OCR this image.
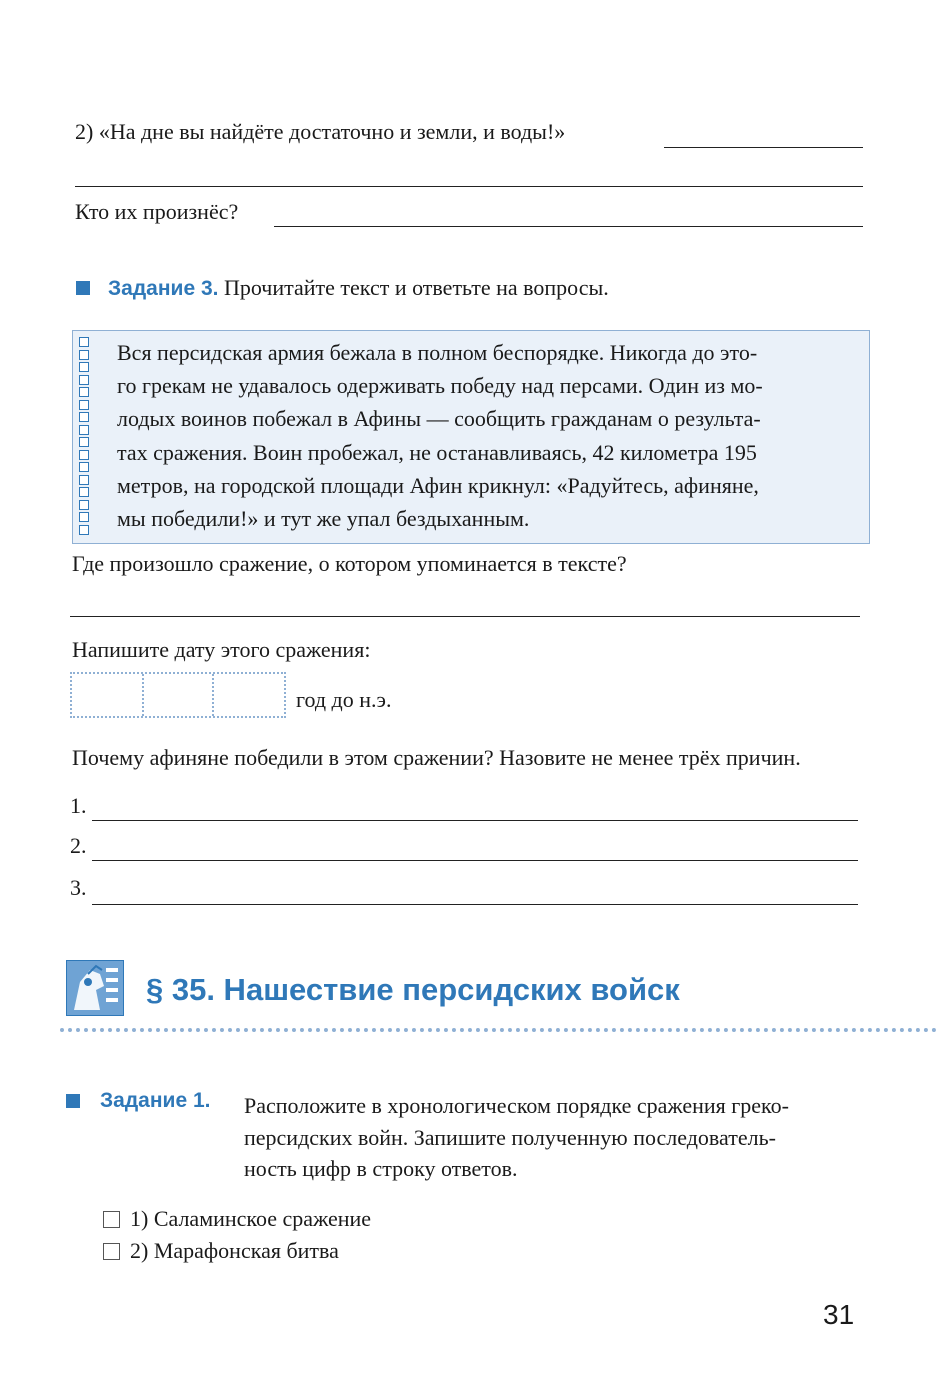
2) «На дне вы найдёте достаточно и земли, и воды!»
Кто их произнёс?
Задание 3. Прочитайте текст и ответьте на вопросы.
Вся персидская армия бежала в полном беспорядке. Никогда до это-
го грекам не удавалось одерживать победу над персами. Один из мо-
лодых воинов побежал в Афины — сообщить гражданам о результа-
тах сражения. Воин пробежал, не останавливаясь, 42 километра 195
метров, на городской площади Афин крикнул: «Радуйтесь, афиняне,
мы победили!» и тут же упал бездыханным.
Где произошло сражение, о котором упоминается в тексте?
Напишите дату этого сражения:
год до н.э.
Почему афиняне победили в этом сражении? Назовите не менее трёх причин.
1.
2.
3.
§ 35. Нашествие персидских войск
Задание 1. Расположите в хронологическом порядке сражения греко-
персидских войн. Запишите полученную последователь-
ность цифр в строку ответов.
1) Саламинское сражение
2) Марафонская битва
31
